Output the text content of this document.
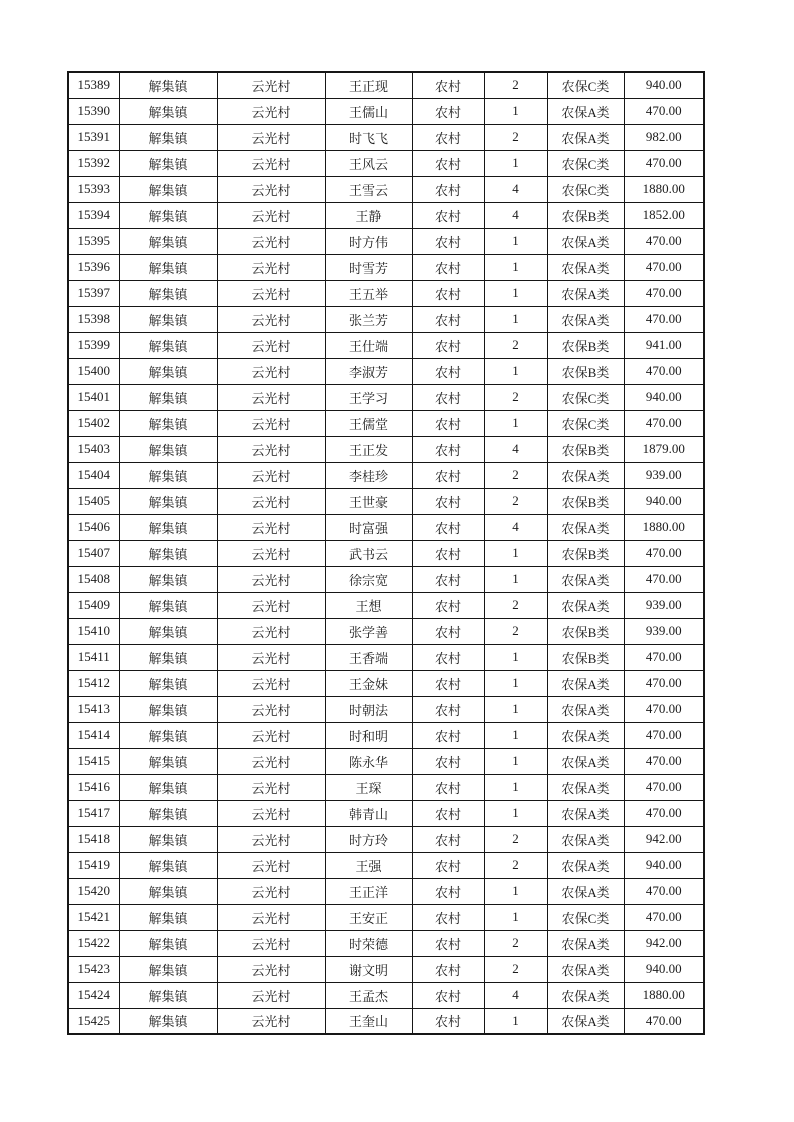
15389	解集镇	云光村	王正现	农村	2	农保C类	940.00
15390	解集镇	云光村	王儒山	农村	1	农保A类	470.00
15391	解集镇	云光村	时飞飞	农村	2	农保A类	982.00
15392	解集镇	云光村	王风云	农村	1	农保C类	470.00
15393	解集镇	云光村	王雪云	农村	4	农保C类	1880.00
15394	解集镇	云光村	王静	农村	4	农保B类	1852.00
15395	解集镇	云光村	时方伟	农村	1	农保A类	470.00
15396	解集镇	云光村	时雪芳	农村	1	农保A类	470.00
15397	解集镇	云光村	王五举	农村	1	农保A类	470.00
15398	解集镇	云光村	张兰芳	农村	1	农保A类	470.00
15399	解集镇	云光村	王仕端	农村	2	农保B类	941.00
15400	解集镇	云光村	李淑芳	农村	1	农保B类	470.00
15401	解集镇	云光村	王学习	农村	2	农保C类	940.00
15402	解集镇	云光村	王儒堂	农村	1	农保C类	470.00
15403	解集镇	云光村	王正发	农村	4	农保B类	1879.00
15404	解集镇	云光村	李桂珍	农村	2	农保A类	939.00
15405	解集镇	云光村	王世豪	农村	2	农保B类	940.00
15406	解集镇	云光村	时富强	农村	4	农保A类	1880.00
15407	解集镇	云光村	武书云	农村	1	农保B类	470.00
15408	解集镇	云光村	徐宗宽	农村	1	农保A类	470.00
15409	解集镇	云光村	王想	农村	2	农保A类	939.00
15410	解集镇	云光村	张学善	农村	2	农保B类	939.00
15411	解集镇	云光村	王香端	农村	1	农保B类	470.00
15412	解集镇	云光村	王金妹	农村	1	农保A类	470.00
15413	解集镇	云光村	时朝法	农村	1	农保A类	470.00
15414	解集镇	云光村	时和明	农村	1	农保A类	470.00
15415	解集镇	云光村	陈永华	农村	1	农保A类	470.00
15416	解集镇	云光村	王琛	农村	1	农保A类	470.00
15417	解集镇	云光村	韩青山	农村	1	农保A类	470.00
15418	解集镇	云光村	时方玲	农村	2	农保A类	942.00
15419	解集镇	云光村	王强	农村	2	农保A类	940.00
15420	解集镇	云光村	王正洋	农村	1	农保A类	470.00
15421	解集镇	云光村	王安正	农村	1	农保C类	470.00
15422	解集镇	云光村	时荣德	农村	2	农保A类	942.00
15423	解集镇	云光村	谢文明	农村	2	农保A类	940.00
15424	解集镇	云光村	王孟杰	农村	4	农保A类	1880.00
15425	解集镇	云光村	王奎山	农村	1	农保A类	470.00
